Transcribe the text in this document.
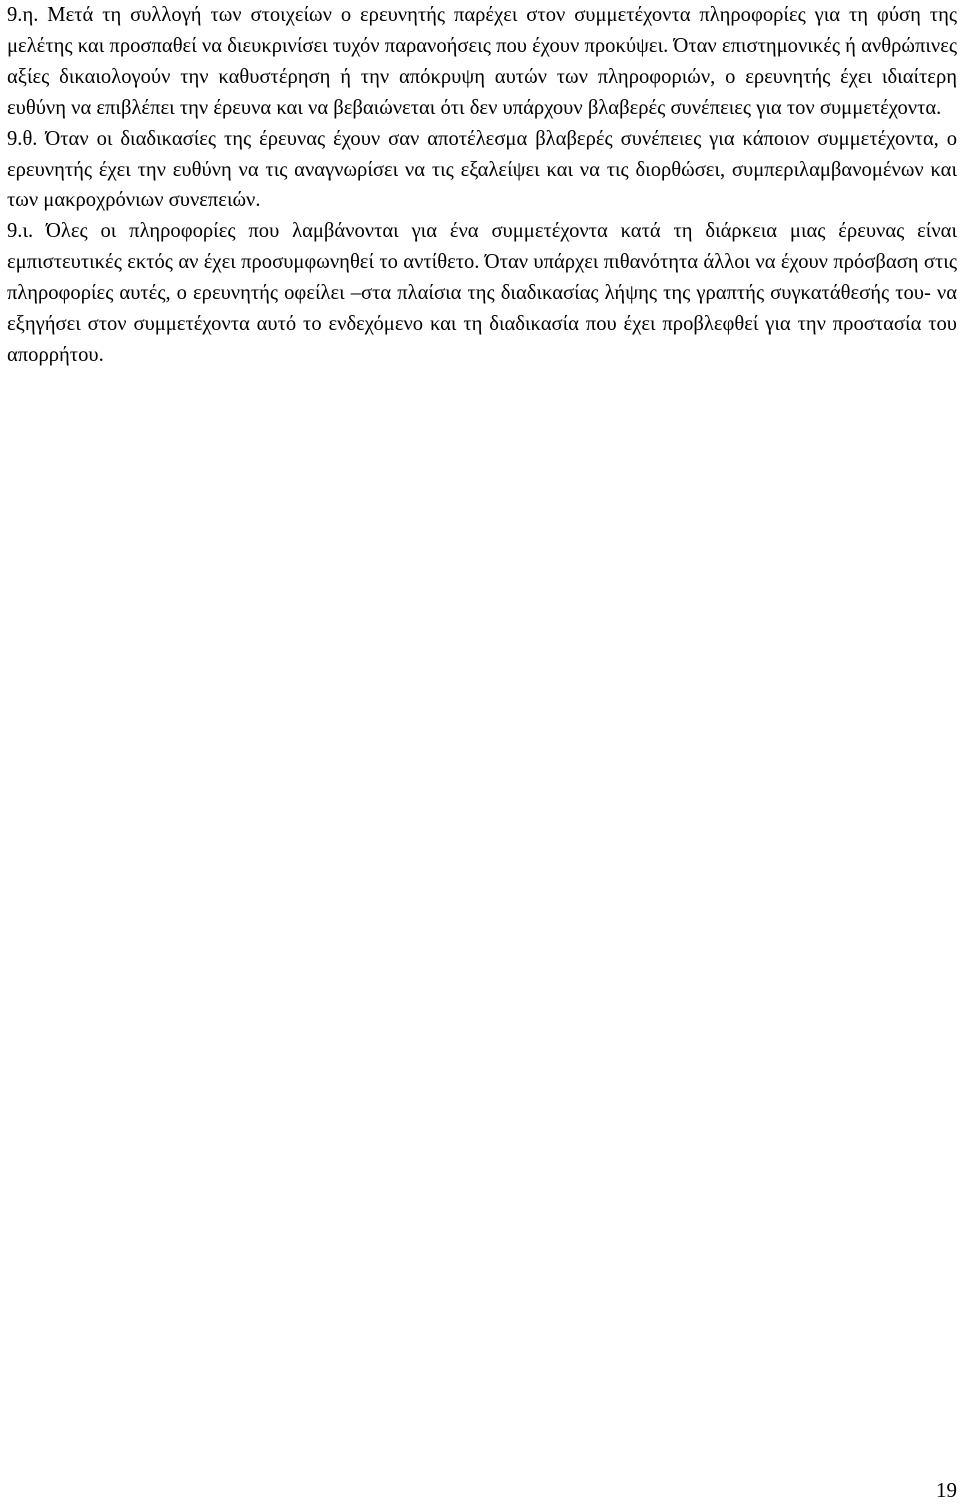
9.η. Μετά τη συλλογή των στοιχείων ο ερευνητής παρέχει στον συμμετέχοντα πληροφορίες για τη φύση της μελέτης και προσπαθεί να διευκρινίσει τυχόν παρανοήσεις που έχουν προκύψει. Όταν επιστημονικές ή ανθρώπινες αξίες δικαιολογούν την καθυστέρηση ή την απόκρυψη αυτών των πληροφοριών, ο ερευνητής έχει ιδιαίτερη ευθύνη να επιβλέπει την έρευνα και να βεβαιώνεται ότι δεν υπάρχουν βλαβερές συνέπειες για τον συμμετέχοντα.

9.θ. Όταν οι διαδικασίες της έρευνας έχουν σαν αποτέλεσμα βλαβερές συνέπειες για κάποιον συμμετέχοντα, ο ερευνητής έχει την ευθύνη να τις αναγνωρίσει να τις εξαλείψει και να τις διορθώσει, συμπεριλαμβανομένων και των μακροχρόνιων συνεπειών.

9.ι. Όλες οι πληροφορίες που λαμβάνονται για ένα συμμετέχοντα κατά τη διάρκεια μιας έρευνας είναι εμπιστευτικές εκτός αν έχει προσυμφωνηθεί το αντίθετο. Όταν υπάρχει πιθανότητα άλλοι να έχουν πρόσβαση στις πληροφορίες αυτές, ο ερευνητής οφείλει –στα πλαίσια της διαδικασίας λήψης της γραπτής συγκατάθεσής του- να εξηγήσει στον συμμετέχοντα αυτό το ενδεχόμενο και τη διαδικασία που έχει προβλεφθεί για την προστασία του απορρήτου.

19
